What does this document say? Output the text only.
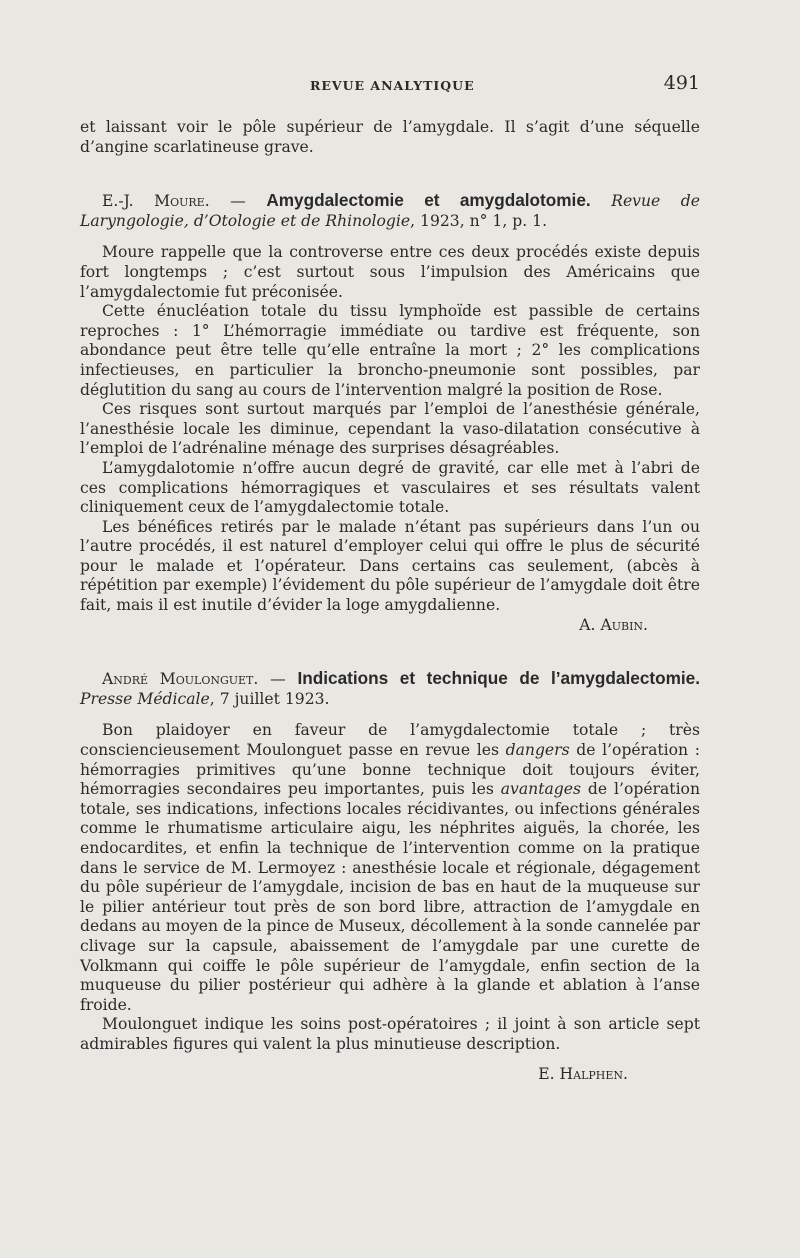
REVUE ANALYTIQUE	491

et laissant voir le pôle supérieur de l’amygdale. Il s’agit d’une séquelle d’angine scarlatineuse grave.

E.-J. Moure. — Amygdalectomie et amygdalotomie. Revue de Laryngologie, d’Otologie et de Rhinologie, 1923, n° 1, p. 1.

Moure rappelle que la controverse entre ces deux procédés existe depuis fort longtemps ; c’est surtout sous l’impulsion des Américains que l’amygdalectomie fut préconisée.

Cette énucléation totale du tissu lymphoïde est passible de certains reproches : 1° L’hémorragie immédiate ou tardive est fréquente, son abondance peut être telle qu’elle entraîne la mort ; 2° les complications infectieuses, en particulier la broncho-pneumonie sont possibles, par déglutition du sang au cours de l’intervention malgré la position de Rose.

Ces risques sont surtout marqués par l’emploi de l’anesthésie générale, l’anesthésie locale les diminue, cependant la vaso-dilatation consécutive à l’emploi de l’adrénaline ménage des surprises désagréables.

L’amygdalotomie n’offre aucun degré de gravité, car elle met à l’abri de ces complications hémorragiques et vasculaires et ses résultats valent cliniquement ceux de l’amygdalectomie totale.

Les bénéfices retirés par le malade n’étant pas supérieurs dans l’un ou l’autre procédés, il est naturel d’employer celui qui offre le plus de sécurité pour le malade et l’opérateur. Dans certains cas seulement, (abcès à répétition par exemple) l’évidement du pôle supérieur de l’amygdale doit être fait, mais il est inutile d’évider la loge amygdalienne.

A. Aubin.

André Moulonguet. — Indications et technique de l’amygdalectomie. Presse Médicale, 7 juillet 1923.

Bon plaidoyer en faveur de l’amygdalectomie totale ; très consciencieusement Moulonguet passe en revue les dangers de l’opération : hémorragies primitives qu’une bonne technique doit toujours éviter, hémorragies secondaires peu importantes, puis les avantages de l’opération totale, ses indications, infections locales récidivantes, ou infections générales comme le rhumatisme articulaire aigu, les néphrites aiguës, la chorée, les endocardites, et enfin la technique de l’intervention comme on la pratique dans le service de M. Lermoyez : anesthésie locale et régionale, dégagement du pôle supérieur de l’amygdale, incision de bas en haut de la muqueuse sur le pilier antérieur tout près de son bord libre, attraction de l’amygdale en dedans au moyen de la pince de Museux, décollement à la sonde cannelée par clivage sur la capsule, abaissement de l’amygdale par une curette de Volkmann qui coiffe le pôle supérieur de l’amygdale, enfin section de la muqueuse du pilier postérieur qui adhère à la glande et ablation à l’anse froide.

Moulonguet indique les soins post-opératoires ; il joint à son article sept admirables figures qui valent la plus minutieuse description.

E. Halphen.
